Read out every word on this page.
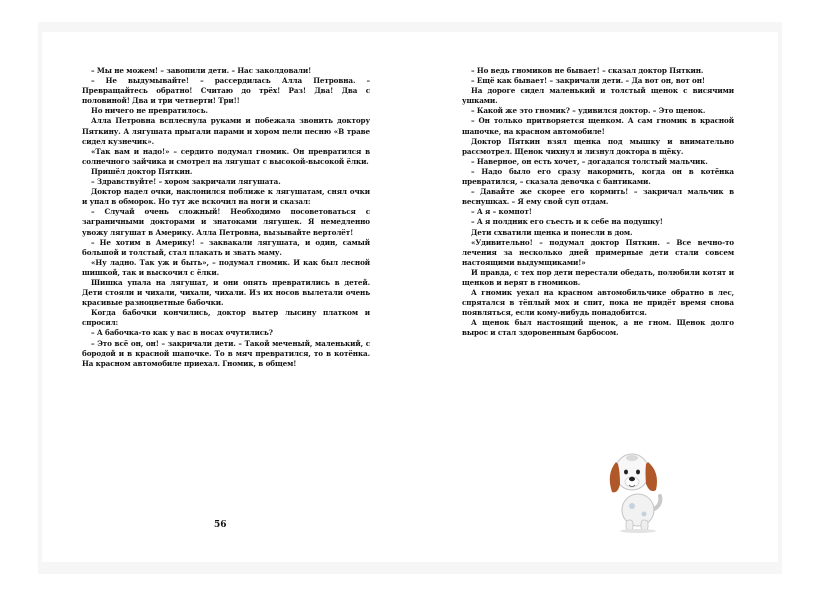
– Мы не можем! – завопили дети. – Нас заколдовали!

– Не выдумывайте! – рассердилась Алла Петровна. – Превращайтесь обратно! Считаю до трёх! Раз! Два! Два с половиной! Два и три четверти! Три!!

Но ничего не превратилось.

Алла Петровна всплеснула руками и побежала звонить доктору Пяткину. А лягушата прыгали парами и хором пели песню «В траве сидел кузнечик».

«Так вам и надо!» – сердито подумал гномик. Он превратился в солнечного зайчика и смотрел на лягушат с высокой-высокой ёлки.

Пришёл доктор Пяткин.

– Здравствуйте! – хором закричали лягушата.

Доктор надел очки, наклонился поближе к лягушатам, снял очки и упал в обморок. Но тут же вскочил на ноги и сказал:

– Случай очень сложный! Необходимо посоветоваться с заграничными докторами и знатоками лягушек. Я немедленно увожу лягушат в Америку. Алла Петровна, вызывайте вертолёт!

– Не хотим в Америку! – заквакали лягушата, и один, самый большой и толстый, стал плакать и звать маму.

«Ну ладно. Так уж и быть», – подумал гномик. И как был лесной шишкой, так и выскочил с ёлки.

Шишка упала на лягушат, и они опять превратились в детей. Дети стояли и чихали, чихали, чихали. Из их носов вылетали очень красивые разноцветные бабочки.

Когда бабочки кончились, доктор вытер лысину платком и спросил:

– А бабочка-то как у вас в носах очутились?

– Это всё он, он! – закричали дети. – Такой меченый, маленький, с бородой и в красной шапочке. То в мяч превратился, то в котёнка. На красном автомобиле приехал. Гномик, в общем!

56

– Но ведь гномиков не бывает! – сказал доктор Пяткин.

– Ещё как бывает! – закричали дети. – Да вот он, вот он!

На дороге сидел маленький и толстый щенок с висячими ушками.

– Какой же это гномик? – удивился доктор. – Это щенок.

– Он только притворяется щенком. А сам гномик в красной шапочке, на красном автомобиле!

Доктор Пяткин взял щенка под мышку и внимательно рассмотрел. Щенок чихнул и лизнул доктора в щёку.

– Наверное, он есть хочет, – догадался толстый мальчик.

– Надо было его сразу накормить, когда он в котёнка превратился, – сказала девочка с бантиками.

– Давайте же скорее его кормить! – закричал мальчик в веснушках. – Я ему свой суп отдам.

– А я – компот!

– А я полдник его съесть и к себе на подушку!

Дети схватили щенка и понесли в дом.

«Удивительно! – подумал доктор Пяткин. – Все вечно-то лечения за несколько дней примерные дети стали совсем настоящими выдумщиками!»

И правда, с тех пор дети перестали обедать, полюбили котят и щенков и верят в гномиков.

А гномик уехал на красном автомобильчике обратно в лес, спрятался в тёплый мох и спит, пока не придёт время снова появляться, если кому-нибудь понадобится.

А щенок был настоящий щенок, а не гном. Щенок долго вырос и стал здоровенным барбосом.
